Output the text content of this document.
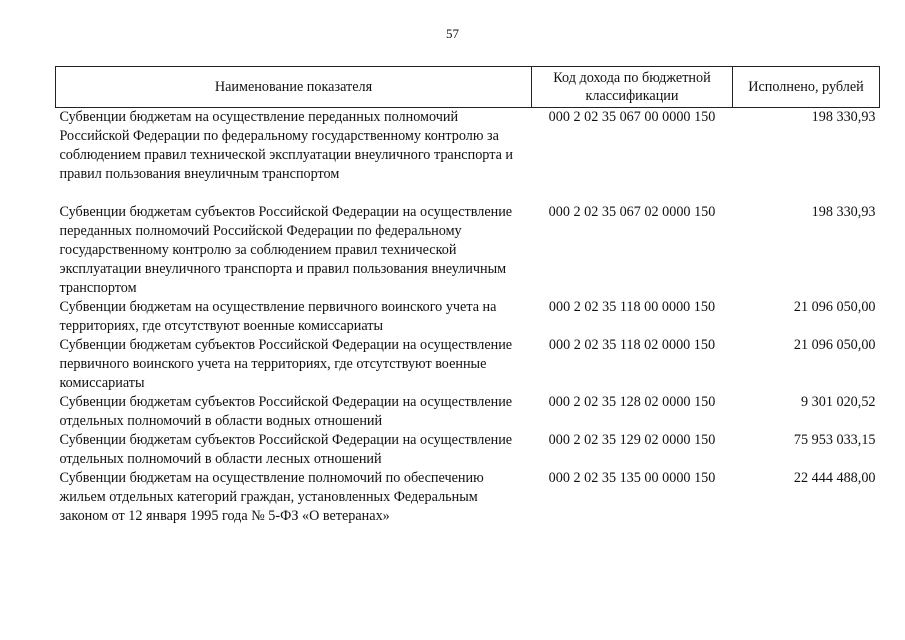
57
Наименование показателя	Код дохода по бюджетной классификации	Исполнено, рублей
Субвенции бюджетам на осуществление переданных полномочий Российской Федерации по федеральному государственному контролю за соблюдением правил технической эксплуатации внеуличного транспорта и правил пользования внеуличным транспортом	000 2 02 35 067 00 0000 150	198 330,93

Субвенции бюджетам субъектов Российской Федерации на осуществление переданных полномочий Российской Федерации по федеральному государственному контролю за соблюдением правил технической эксплуатации внеуличного транспорта и правил пользования внеуличным транспортом	000 2 02 35 067 02 0000 150	198 330,93
Субвенции бюджетам на осуществление первичного воинского учета на территориях, где отсутствуют военные комиссариаты	000 2 02 35 118 00 0000 150	21 096 050,00
Субвенции бюджетам субъектов Российской Федерации на осуществление первичного воинского учета на территориях, где отсутствуют военные комиссариаты	000 2 02 35 118 02 0000 150	21 096 050,00
Субвенции бюджетам субъектов Российской Федерации на осуществление отдельных полномочий в области водных отношений	000 2 02 35 128 02 0000 150	9 301 020,52
Субвенции бюджетам субъектов Российской Федерации на осуществление отдельных полномочий в области лесных отношений	000 2 02 35 129 02 0000 150	75 953 033,15
Субвенции бюджетам на осуществление полномочий по обеспечению жильем отдельных категорий граждан, установленных Федеральным законом от 12 января 1995 года № 5-ФЗ «О ветеранах»	000 2 02 35 135 00 0000 150	22 444 488,00
